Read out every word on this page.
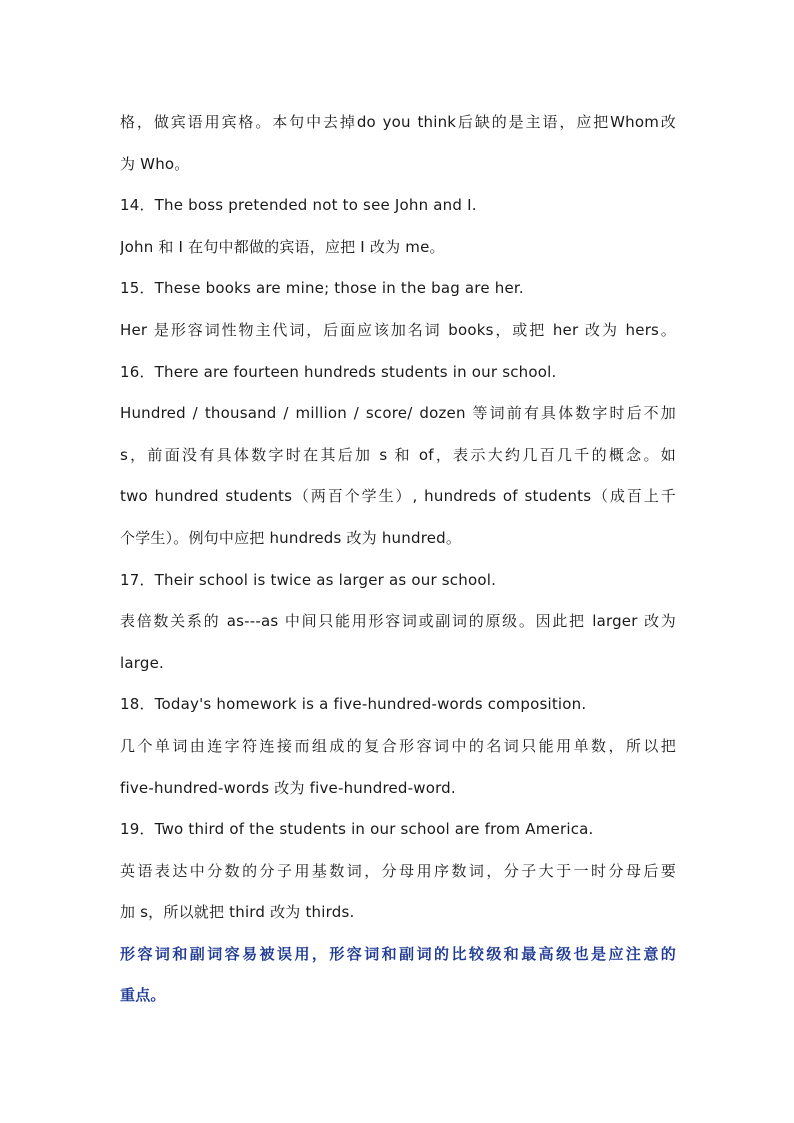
格，做宾语用宾格。本句中去掉do you think后缺的是主语，应把Whom改
为 Who。
14．The boss pretended not to see John and I.
John 和 I 在句中都做的宾语，应把 I 改为 me。
15．These books are mine; those in the bag are her.
Her 是形容词性物主代词，后面应该加名词 books，或把 her 改为 hers。
16．There are fourteen hundreds students in our school.
Hundred / thousand / million / score/ dozen 等词前有具体数字时后不加
s，前面没有具体数字时在其后加 s 和 of，表示大约几百几千的概念。如
two hundred students（两百个学生）, hundreds of students（成百上千
个学生）。例句中应把 hundreds 改为 hundred。
17．Their school is twice as larger as our school.
表倍数关系的 as---as 中间只能用形容词或副词的原级。因此把 larger 改为
large.
18．Today's homework is a five-hundred-words composition.
几个单词由连字符连接而组成的复合形容词中的名词只能用单数，所以把
five-hundred-words 改为 five-hundred-word.
19．Two third of the students in our school are from America.
英语表达中分数的分子用基数词，分母用序数词，分子大于一时分母后要
加 s，所以就把 third 改为 thirds.
形容词和副词容易被误用，形容词和副词的比较级和最高级也是应注意的
重点。
